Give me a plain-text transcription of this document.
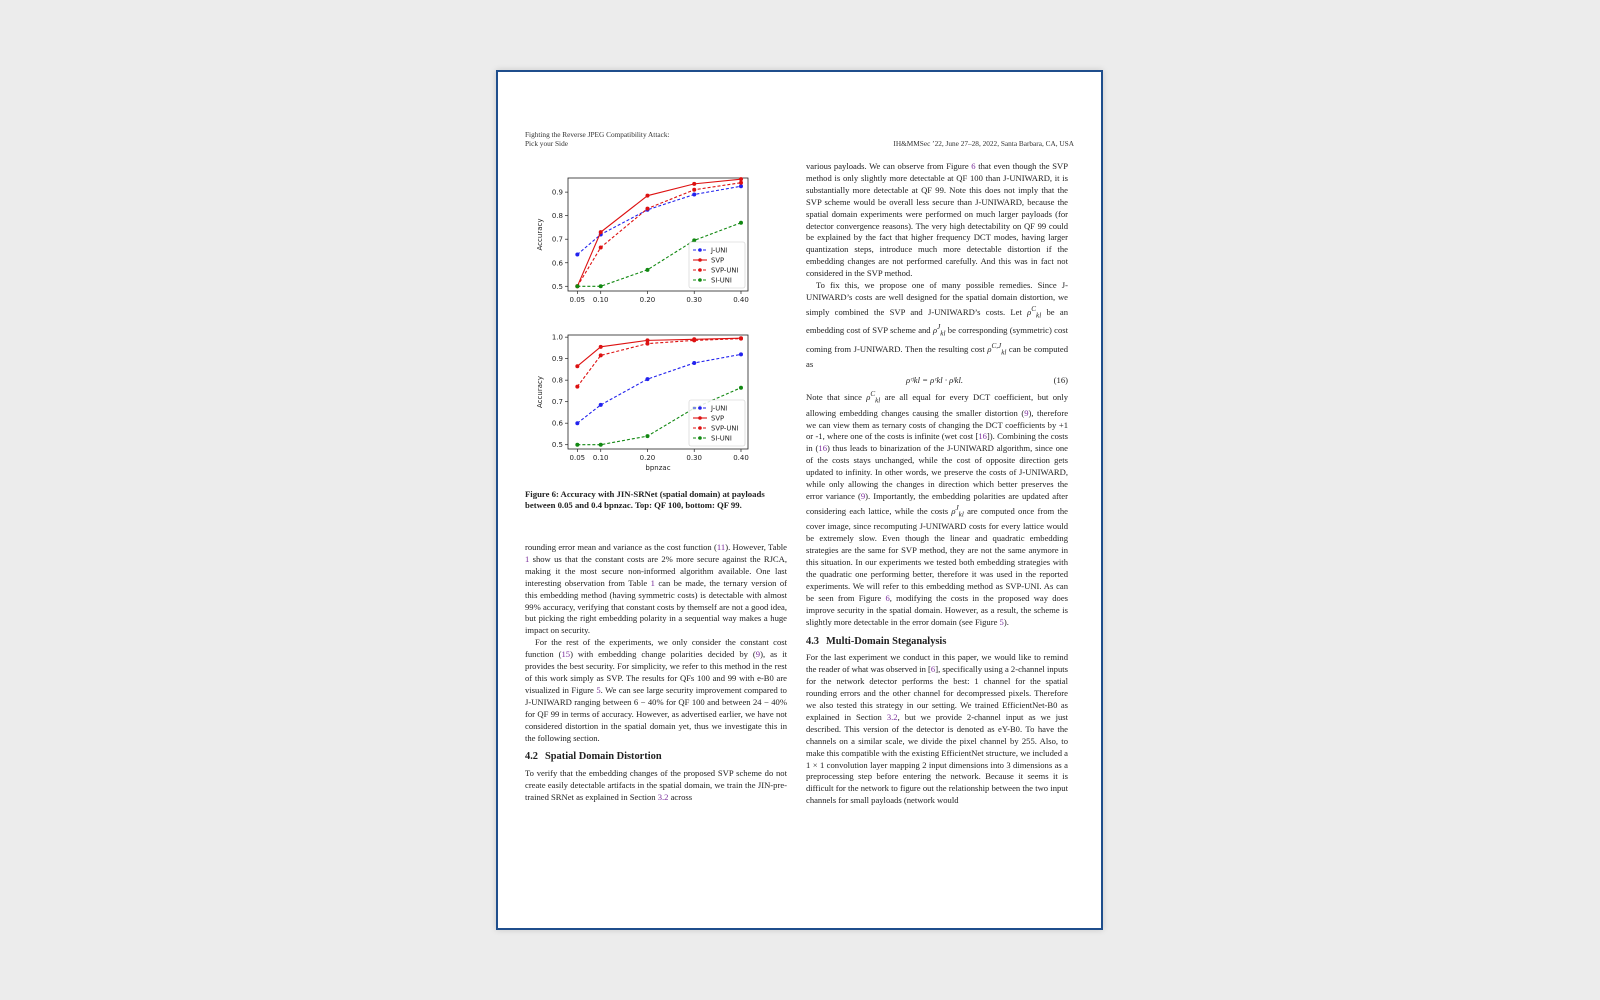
Fighting the Reverse JPEG Compatibility Attack:
Pick your Side	IH&MMSec ’22, June 27–28, 2022, Santa Barbara, CA, USA
0.5
0.6
0.7
0.8
0.9
0.05 0.10	0.20	0.30	0.40
Accuracy
J-UNI
SVP
SVP-UNI
SI-UNI
0.5
0.6
0.7
0.8
0.9
1.0
0.05 0.10	0.20	0.30	0.40
Accuracy
bpnzac
J-UNI
SVP
SVP-UNI
SI-UNI
Figure 6: Accuracy with JIN-SRNet (spatial domain) at payloads between 0.05 and 0.4 bpnzac. Top: QF 100, bottom: QF 99.

rounding error mean and variance as the cost function (11). However, Table 1 show us that the constant costs are 2% more secure against the RJCA, making it the most secure non-informed algorithm available. One last interesting observation from Table 1 can be made, the ternary version of this embedding method (having symmetric costs) is detectable with almost 99% accuracy, verifying that constant costs by themself are not a good idea, but picking the right embedding polarity in a sequential way makes a huge impact on security.

For the rest of the experiments, we only consider the constant cost function (15) with embedding change polarities decided by (9), as it provides the best security. For simplicity, we refer to this method in the rest of this work simply as SVP. The results for QFs 100 and 99 with e-B0 are visualized in Figure 5. We can see large security improvement compared to J-UNIWARD ranging between 6 − 40% for QF 100 and between 24 − 40% for QF 99 in terms of accuracy. However, as advertised earlier, we have not considered distortion in the spatial domain yet, thus we investigate this in the following section.

4.2 Spatial Domain Distortion

To verify that the embedding changes of the proposed SVP scheme do not create easily detectable artifacts in the spatial domain, we train the JIN-pre-trained SRNet as explained in Section 3.2 across

various payloads. We can observe from Figure 6 that even though the SVP method is only slightly more detectable at QF 100 than J-UNIWARD, it is substantially more detectable at QF 99. Note this does not imply that the SVP scheme would be overall less secure than J-UNIWARD, because the spatial domain experiments were performed on much larger payloads (for detector convergence reasons). The very high detectability on QF 99 could be explained by the fact that higher frequency DCT modes, having larger quantization steps, introduce much more detectable distortion if the embedding changes are not performed carefully. And this was in fact not considered in the SVP method.

To fix this, we propose one of many possible remedies. Since J-UNIWARD’s costs are well designed for the spatial domain distortion, we simply combined the SVP and J-UNIWARD’s costs. Let $\rho^C_{kl}$ be an embedding cost of SVP scheme and $\rho^J_{kl}$ be corresponding (symmetric) cost coming from J-UNIWARD. Then the resulting cost $\rho^{C,J}_{kl}$ can be computed as

ρᶜʲkl = ρᶜkl · ρʲkl.	(16)

Note that since $\rho^C_{kl}$ are all equal for every DCT coefficient, but only allowing embedding changes causing the smaller distortion (9), therefore we can view them as ternary costs of changing the DCT coefficients by +1 or -1, where one of the costs is infinite (wet cost [16]). Combining the costs in (16) thus leads to binarization of the J-UNIWARD algorithm, since one of the costs stays unchanged, while the cost of opposite direction gets updated to infinity. In other words, we preserve the costs of J-UNIWARD, while only allowing the changes in direction which better preserves the error variance (9). Importantly, the embedding polarities are updated after considering each lattice, while the costs $\rho^J_{kl}$ are computed once from the cover image, since recomputing J-UNIWARD costs for every lattice would be extremely slow. Even though the linear and quadratic embedding strategies are the same for SVP method, they are not the same anymore in this situation. In our experiments we tested both embedding strategies with the quadratic one performing better, therefore it was used in the reported experiments. We will refer to this embedding method as SVP-UNI. As can be seen from Figure 6, modifying the costs in the proposed way does improve security in the spatial domain. However, as a result, the scheme is slightly more detectable in the error domain (see Figure 5).

4.3 Multi-Domain Steganalysis

For the last experiment we conduct in this paper, we would like to remind the reader of what was observed in [6], specifically using a 2-channel inputs for the network detector performs the best: 1 channel for the spatial rounding errors and the other channel for decompressed pixels. Therefore we also tested this strategy in our setting. We trained EfficientNet-B0 as explained in Section 3.2, but we provide 2-channel input as we just described. This version of the detector is denoted as eY-B0. To have the channels on a similar scale, we divide the pixel channel by 255. Also, to make this compatible with the existing EfficientNet structure, we included a 1 × 1 convolution layer mapping 2 input dimensions into 3 dimensions as a preprocessing step before entering the network. Because it seems it is difficult for the network to figure out the relationship between the two input channels for small payloads (network would
